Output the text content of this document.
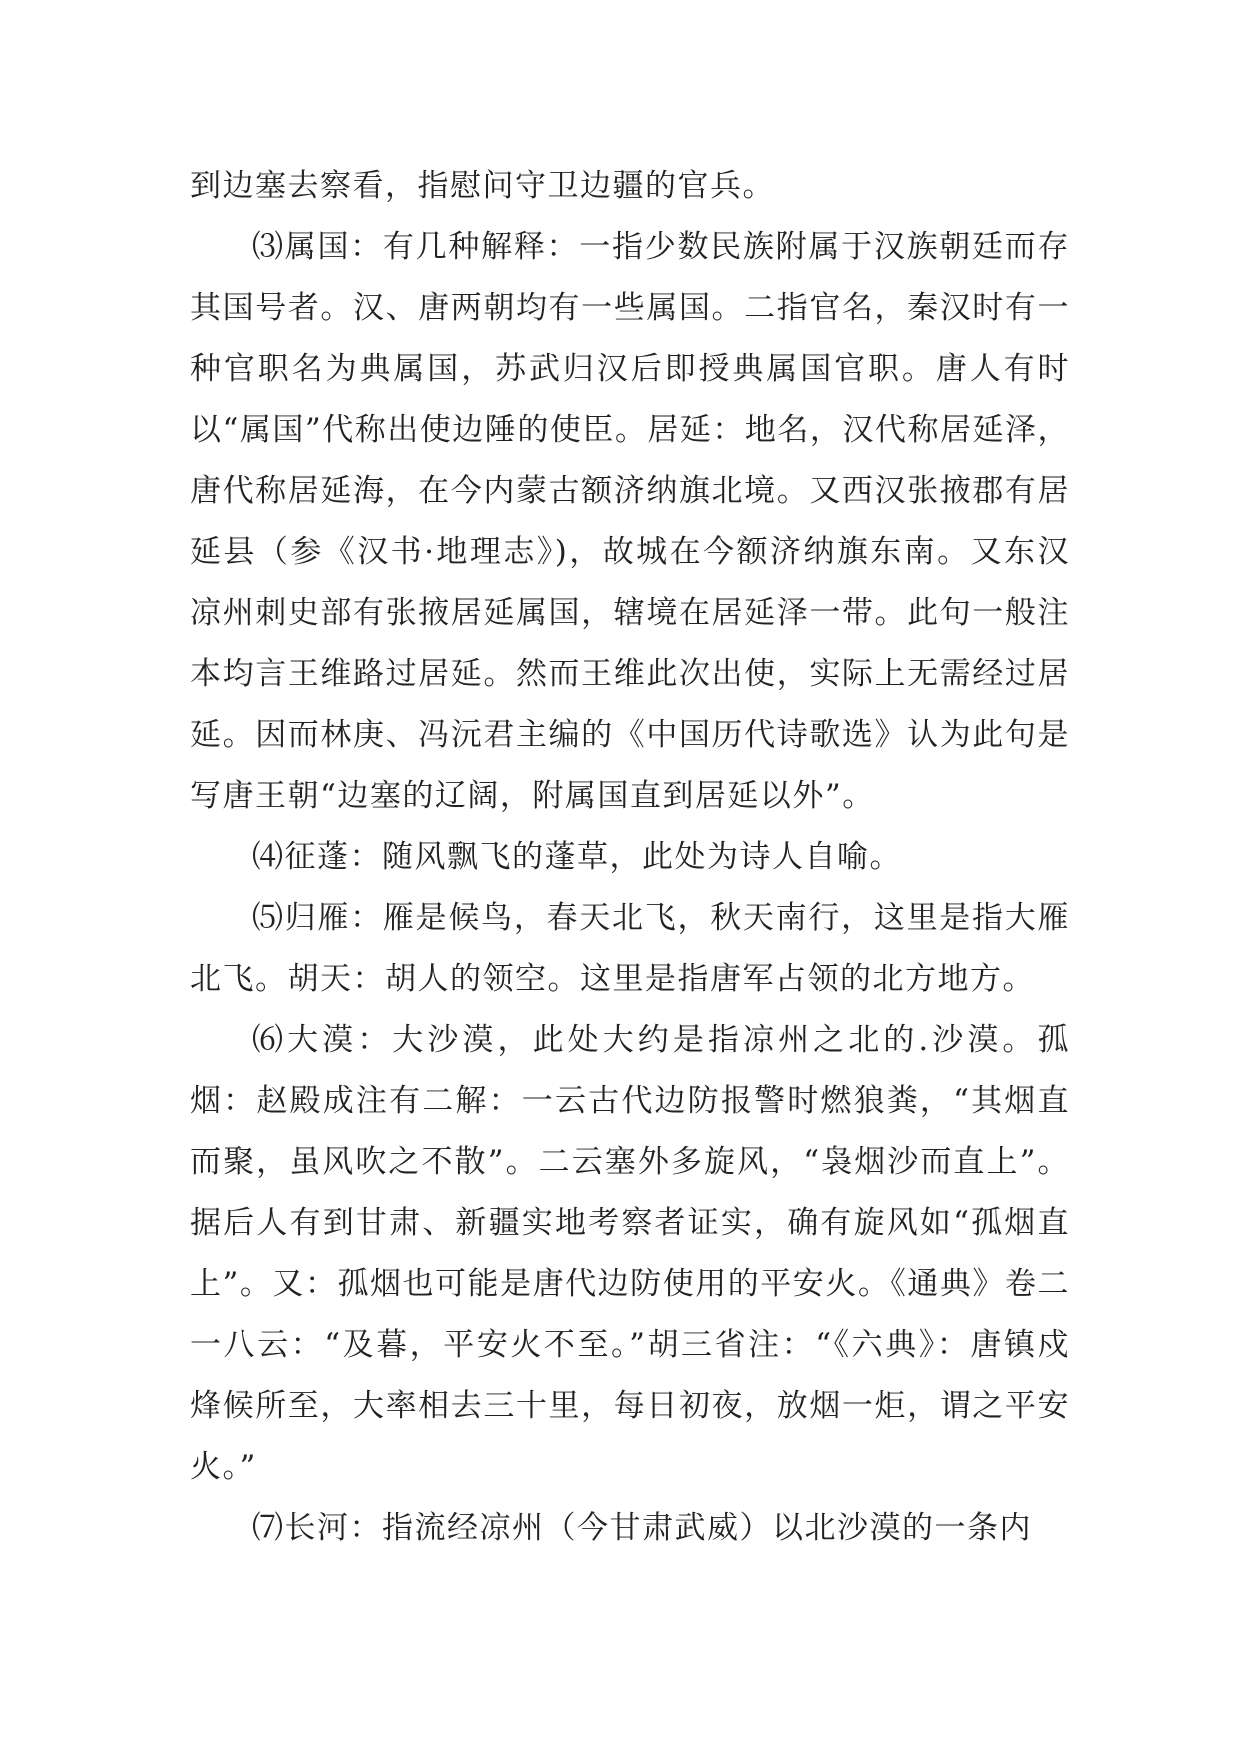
到边塞去察看，指慰问守卫边疆的官兵。

⑶属国：有几种解释：一指少数民族附属于汉族朝廷而存其国号者。汉、唐两朝均有一些属国。二指官名，秦汉时有一种官职名为典属国，苏武归汉后即授典属国官职。唐人有时以“属国”代称出使边陲的使臣。居延：地名，汉代称居延泽，唐代称居延海，在今内蒙古额济纳旗北境。又西汉张掖郡有居延县（参《汉书·地理志》)，故城在今额济纳旗东南。又东汉凉州刺史部有张掖居延属国，辖境在居延泽一带。此句一般注本均言王维路过居延。然而王维此次出使，实际上无需经过居延。因而林庚、冯沅君主编的《中国历代诗歌选》认为此句是写唐王朝“边塞的辽阔，附属国直到居延以外”。

⑷征蓬：随风飘飞的蓬草，此处为诗人自喻。

⑸归雁：雁是候鸟，春天北飞，秋天南行，这里是指大雁北飞。胡天：胡人的领空。这里是指唐军占领的北方地方。

⑹大漠：大沙漠，此处大约是指凉州之北的.沙漠。孤烟：赵殿成注有二解：一云古代边防报警时燃狼粪，“其烟直而聚，虽风吹之不散”。二云塞外多旋风，“袅烟沙而直上”。据后人有到甘肃、新疆实地考察者证实，确有旋风如“孤烟直上”。又：孤烟也可能是唐代边防使用的平安火。《通典》卷二一八云：“及暮，平安火不至。”胡三省注：“《六典》：唐镇戍烽候所至，大率相去三十里，每日初夜，放烟一炬，谓之平安火。”

⑺长河：指流经凉州（今甘肃武威）以北沙漠的一条内
